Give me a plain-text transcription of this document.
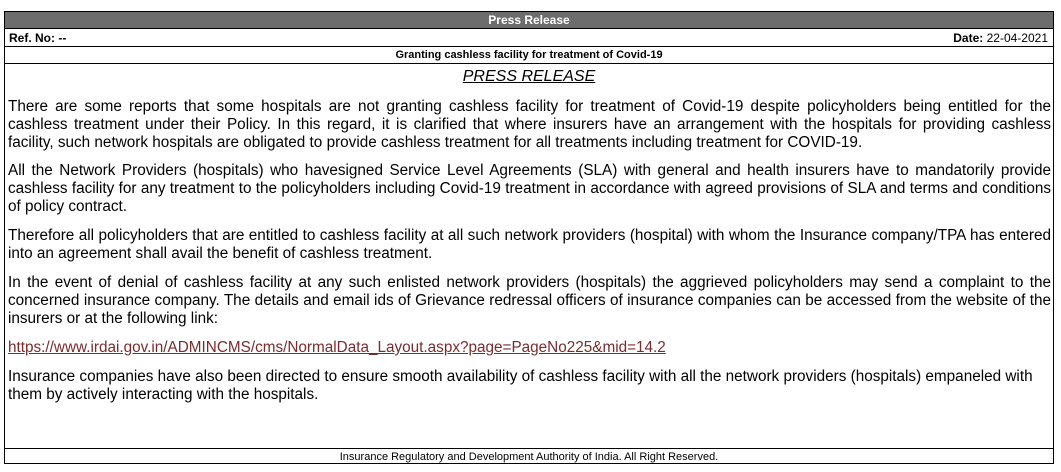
Press Release
Ref. No: --	Date: 22-04-2021
Granting cashless facility for treatment of Covid-19
PRESS RELEASE
There are some reports that some hospitals are not granting cashless facility for treatment of Covid-19 despite policyholders being entitled for the cashless treatment under their Policy. In this regard, it is clarified that where insurers have an arrangement with the hospitals for providing cashless facility, such network hospitals are obligated to provide cashless treatment for all treatments including treatment for COVID-19.
All the Network Providers (hospitals) who havesigned Service Level Agreements (SLA) with general and health insurers have to mandatorily provide cashless facility for any treatment to the policyholders including Covid-19 treatment in accordance with agreed provisions of SLA and terms and conditions of policy contract.
Therefore all policyholders that are entitled to cashless facility at all such network providers (hospital) with whom the Insurance company/TPA has entered into an agreement shall avail the benefit of cashless treatment.
In the event of denial of cashless facility at any such enlisted network providers (hospitals) the aggrieved policyholders may send a complaint to the concerned insurance company. The details and email ids of Grievance redressal officers of insurance companies can be accessed from the website of the insurers or at the following link:
https://www.irdai.gov.in/ADMINCMS/cms/NormalData_Layout.aspx?page=PageNo225&mid=14.2
Insurance companies have also been directed to ensure smooth availability of cashless facility with all the network providers (hospitals) empaneled with them by actively interacting with the hospitals.
Insurance Regulatory and Development Authority of India. All Right Reserved.
